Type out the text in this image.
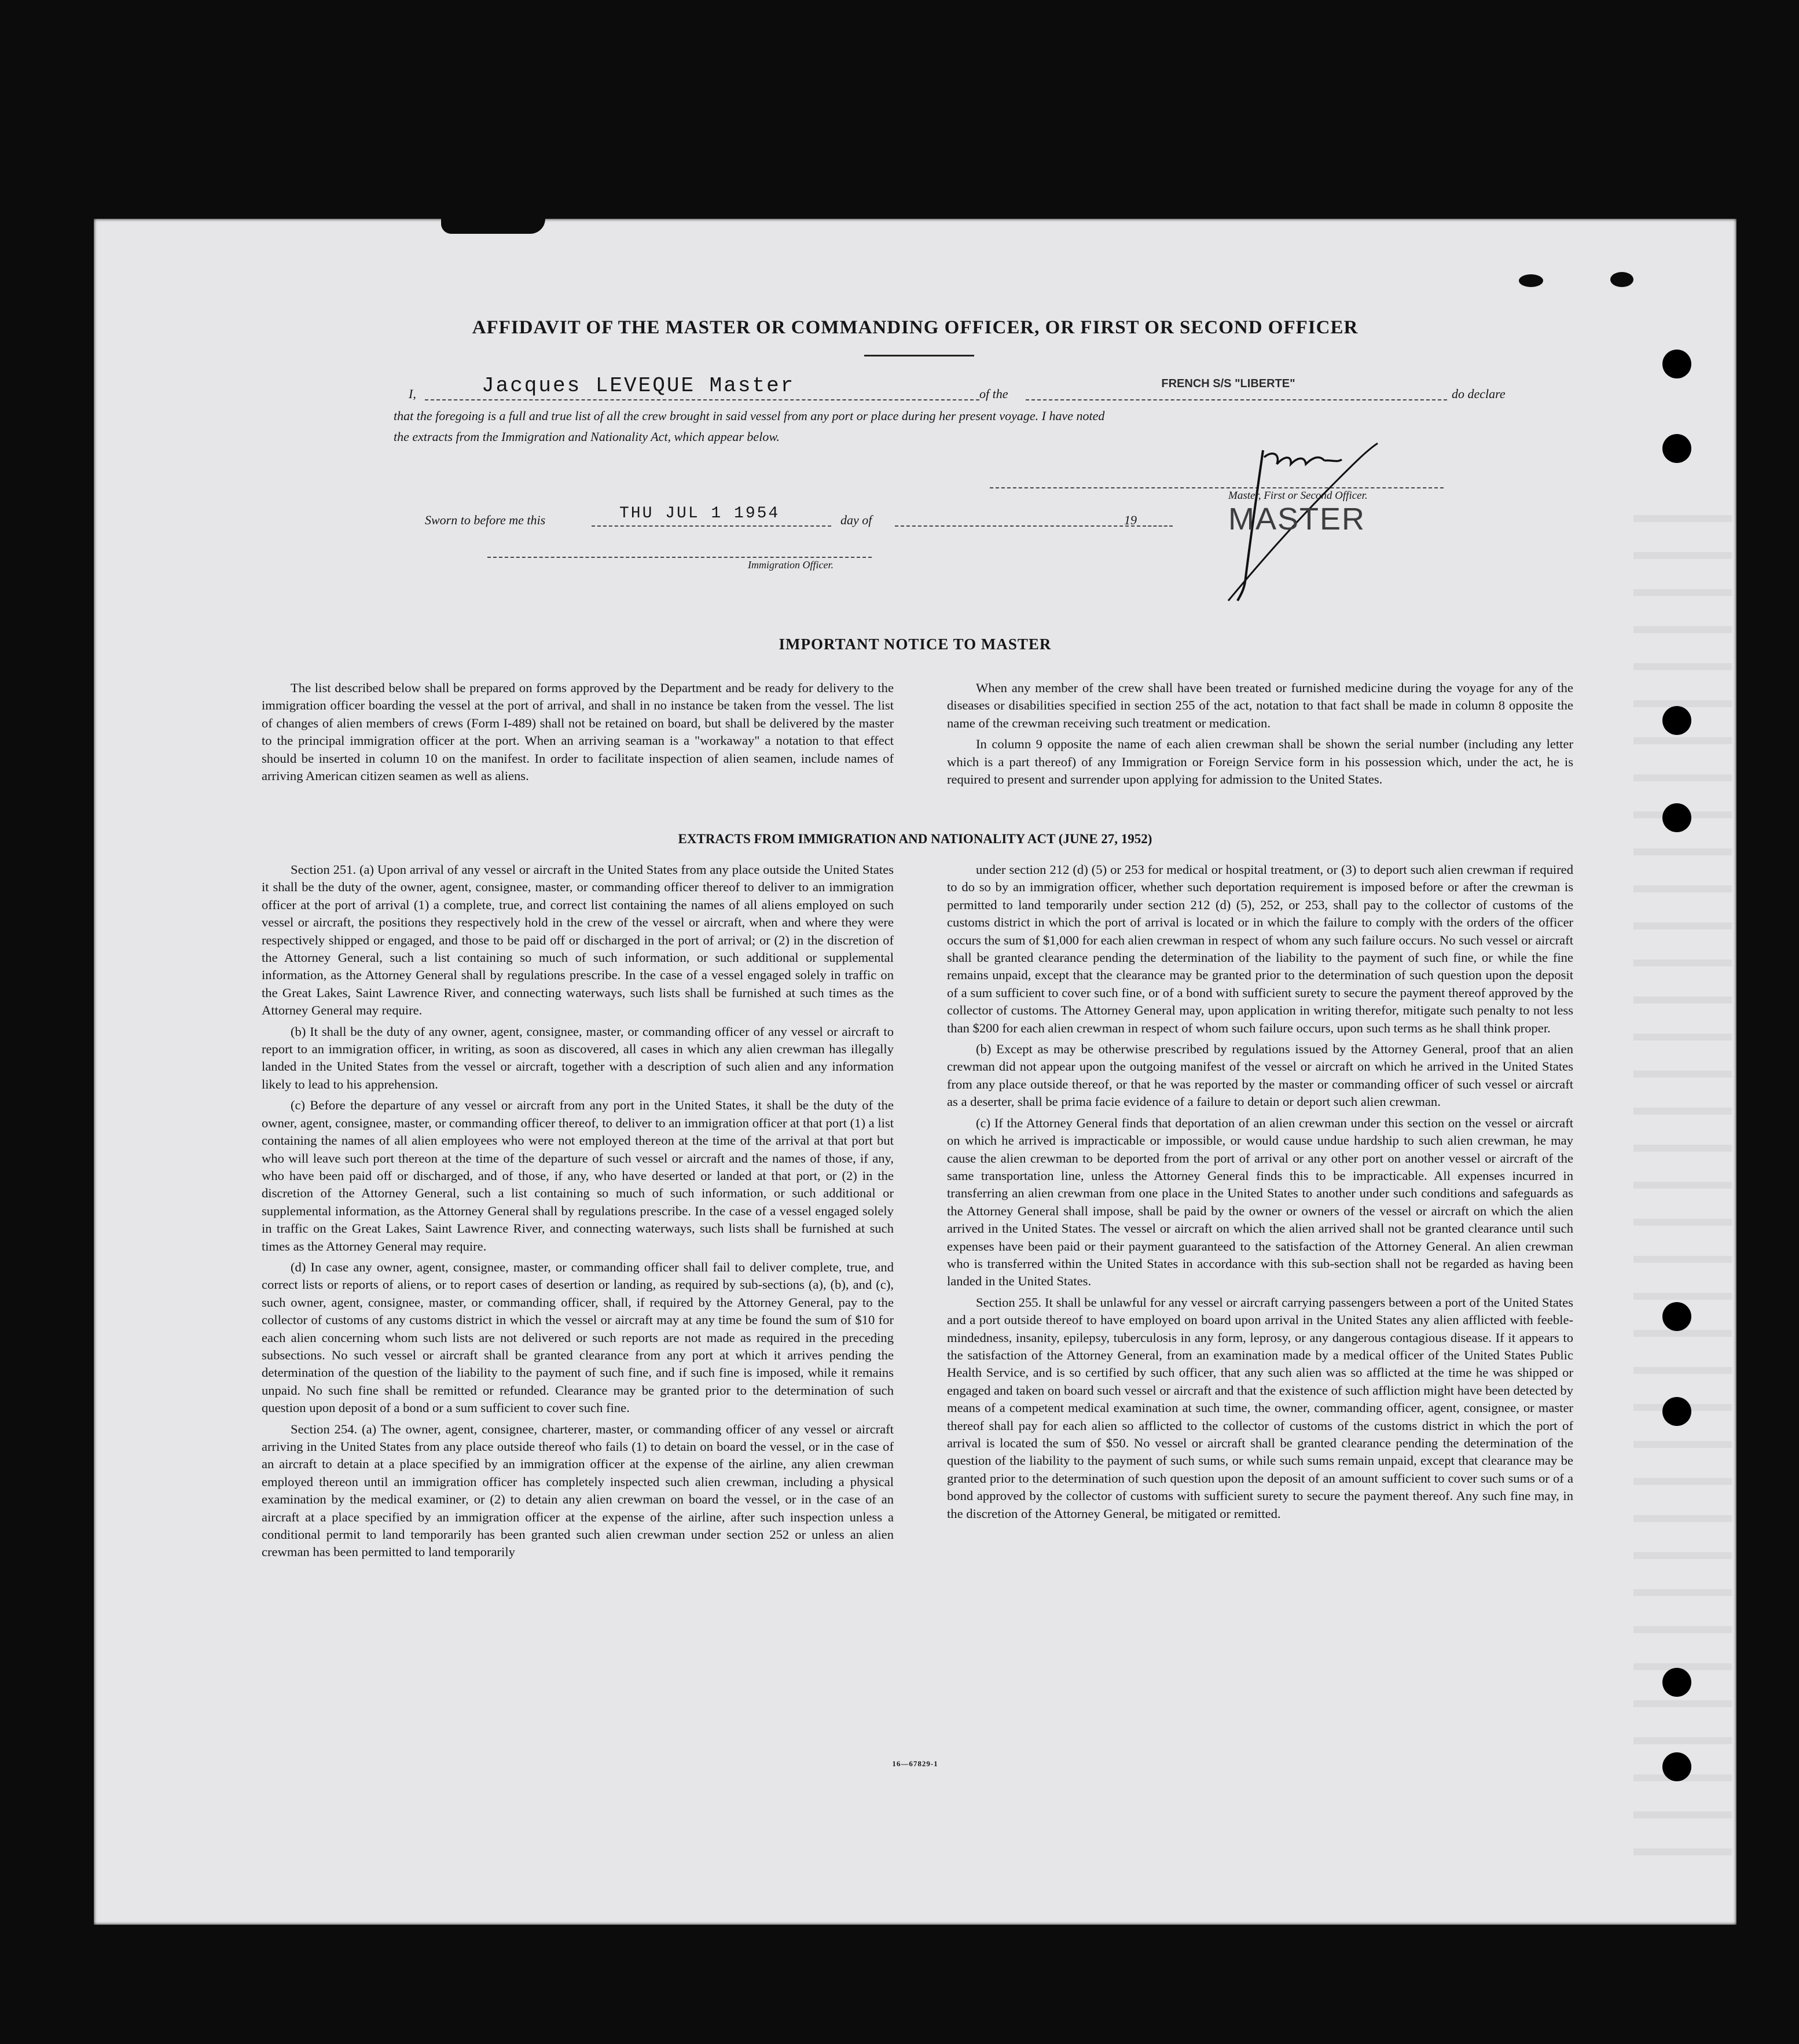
AFFIDAVIT OF THE MASTER OR COMMANDING OFFICER, OR FIRST OR SECOND OFFICER
I,	Jacques LEVEQUE Master	of the
FRENCH S/S "LIBERTE"
do declare
that the foregoing is a full and true list of all the crew brought in said vessel from any port or place during her present voyage. I have noted
the extracts from the Immigration and Nationality Act, which appear below.
Master, First or Second Officer.
MASTER
Sworn to before me this	THU JUL 1 1954	day of	19
Immigration Officer.
IMPORTANT NOTICE TO MASTER

The list described below shall be prepared on forms approved by the Department and be ready for delivery to the immigration officer boarding the vessel at the port of arrival, and shall in no instance be taken from the vessel. The list of changes of alien members of crews (Form I-489) shall not be retained on board, but shall be delivered by the master to the principal immigration officer at the port. When an arriving seaman is a "workaway" a notation to that effect should be inserted in column 10 on the manifest. In order to facilitate inspection of alien seamen, include names of arriving American citizen seamen as well as aliens.

When any member of the crew shall have been treated or furnished medicine during the voyage for any of the diseases or disabilities specified in section 255 of the act, notation to that fact shall be made in column 8 opposite the name of the crewman receiving such treatment or medication.

In column 9 opposite the name of each alien crewman shall be shown the serial number (including any letter which is a part thereof) of any Immigration or Foreign Service form in his possession which, under the act, he is required to present and surrender upon applying for admission to the United States.

EXTRACTS FROM IMMIGRATION AND NATIONALITY ACT (JUNE 27, 1952)

Section 251. (a) Upon arrival of any vessel or aircraft in the United States from any place outside the United States it shall be the duty of the owner, agent, consignee, master, or commanding officer thereof to deliver to an immigration officer at the port of arrival (1) a complete, true, and correct list containing the names of all aliens employed on such vessel or aircraft, the positions they respectively hold in the crew of the vessel or aircraft, when and where they were respectively shipped or engaged, and those to be paid off or discharged in the port of arrival; or (2) in the discretion of the Attorney General, such a list containing so much of such information, or such additional or supplemental information, as the Attorney General shall by regulations prescribe. In the case of a vessel engaged solely in traffic on the Great Lakes, Saint Lawrence River, and connecting waterways, such lists shall be furnished at such times as the Attorney General may require.

(b) It shall be the duty of any owner, agent, consignee, master, or commanding officer of any vessel or aircraft to report to an immigration officer, in writing, as soon as discovered, all cases in which any alien crewman has illegally landed in the United States from the vessel or aircraft, together with a description of such alien and any information likely to lead to his apprehension.

(c) Before the departure of any vessel or aircraft from any port in the United States, it shall be the duty of the owner, agent, consignee, master, or commanding officer thereof, to deliver to an immigration officer at that port (1) a list containing the names of all alien employees who were not employed thereon at the time of the arrival at that port but who will leave such port thereon at the time of the departure of such vessel or aircraft and the names of those, if any, who have been paid off or discharged, and of those, if any, who have deserted or landed at that port, or (2) in the discretion of the Attorney General, such a list containing so much of such information, or such additional or supplemental information, as the Attorney General shall by regulations prescribe. In the case of a vessel engaged solely in traffic on the Great Lakes, Saint Lawrence River, and connecting waterways, such lists shall be furnished at such times as the Attorney General may require.

(d) In case any owner, agent, consignee, master, or commanding officer shall fail to deliver complete, true, and correct lists or reports of aliens, or to report cases of desertion or landing, as required by sub-sections (a), (b), and (c), such owner, agent, consignee, master, or commanding officer, shall, if required by the Attorney General, pay to the collector of customs of any customs district in which the vessel or aircraft may at any time be found the sum of $10 for each alien concerning whom such lists are not delivered or such reports are not made as required in the preceding subsections. No such vessel or aircraft shall be granted clearance from any port at which it arrives pending the determination of the question of the liability to the payment of such fine, and if such fine is imposed, while it remains unpaid. No such fine shall be remitted or refunded. Clearance may be granted prior to the determination of such question upon deposit of a bond or a sum sufficient to cover such fine.

Section 254. (a) The owner, agent, consignee, charterer, master, or commanding officer of any vessel or aircraft arriving in the United States from any place outside thereof who fails (1) to detain on board the vessel, or in the case of an aircraft to detain at a place specified by an immigration officer at the expense of the airline, any alien crewman employed thereon until an immigration officer has completely inspected such alien crewman, including a physical examination by the medical examiner, or (2) to detain any alien crewman on board the vessel, or in the case of an aircraft at a place specified by an immigration officer at the expense of the airline, after such inspection unless a conditional permit to land temporarily has been granted such alien crewman under section 252 or unless an alien crewman has been permitted to land temporarily

under section 212 (d) (5) or 253 for medical or hospital treatment, or (3) to deport such alien crewman if required to do so by an immigration officer, whether such deportation requirement is imposed before or after the crewman is permitted to land temporarily under section 212 (d) (5), 252, or 253, shall pay to the collector of customs of the customs district in which the port of arrival is located or in which the failure to comply with the orders of the officer occurs the sum of $1,000 for each alien crewman in respect of whom any such failure occurs. No such vessel or aircraft shall be granted clearance pending the determination of the liability to the payment of such fine, or while the fine remains unpaid, except that the clearance may be granted prior to the determination of such question upon the deposit of a sum sufficient to cover such fine, or of a bond with sufficient surety to secure the payment thereof approved by the collector of customs. The Attorney General may, upon application in writing therefor, mitigate such penalty to not less than $200 for each alien crewman in respect of whom such failure occurs, upon such terms as he shall think proper.

(b) Except as may be otherwise prescribed by regulations issued by the Attorney General, proof that an alien crewman did not appear upon the outgoing manifest of the vessel or aircraft on which he arrived in the United States from any place outside thereof, or that he was reported by the master or commanding officer of such vessel or aircraft as a deserter, shall be prima facie evidence of a failure to detain or deport such alien crewman.

(c) If the Attorney General finds that deportation of an alien crewman under this section on the vessel or aircraft on which he arrived is impracticable or impossible, or would cause undue hardship to such alien crewman, he may cause the alien crewman to be deported from the port of arrival or any other port on another vessel or aircraft of the same transportation line, unless the Attorney General finds this to be impracticable. All expenses incurred in transferring an alien crewman from one place in the United States to another under such conditions and safeguards as the Attorney General shall impose, shall be paid by the owner or owners of the vessel or aircraft on which the alien arrived in the United States. The vessel or aircraft on which the alien arrived shall not be granted clearance until such expenses have been paid or their payment guaranteed to the satisfaction of the Attorney General. An alien crewman who is transferred within the United States in accordance with this sub-section shall not be regarded as having been landed in the United States.

Section 255. It shall be unlawful for any vessel or aircraft carrying passengers between a port of the United States and a port outside thereof to have employed on board upon arrival in the United States any alien afflicted with feeble-mindedness, insanity, epilepsy, tuberculosis in any form, leprosy, or any dangerous contagious disease. If it appears to the satisfaction of the Attorney General, from an examination made by a medical officer of the United States Public Health Service, and is so certified by such officer, that any such alien was so afflicted at the time he was shipped or engaged and taken on board such vessel or aircraft and that the existence of such affliction might have been detected by means of a competent medical examination at such time, the owner, commanding officer, agent, consignee, or master thereof shall pay for each alien so afflicted to the collector of customs of the customs district in which the port of arrival is located the sum of $50. No vessel or aircraft shall be granted clearance pending the determination of the question of the liability to the payment of such sums, or while such sums remain unpaid, except that clearance may be granted prior to the determination of such question upon the deposit of an amount sufficient to cover such sums or of a bond approved by the collector of customs with sufficient surety to secure the payment thereof. Any such fine may, in the discretion of the Attorney General, be mitigated or remitted.

16—67829-1
